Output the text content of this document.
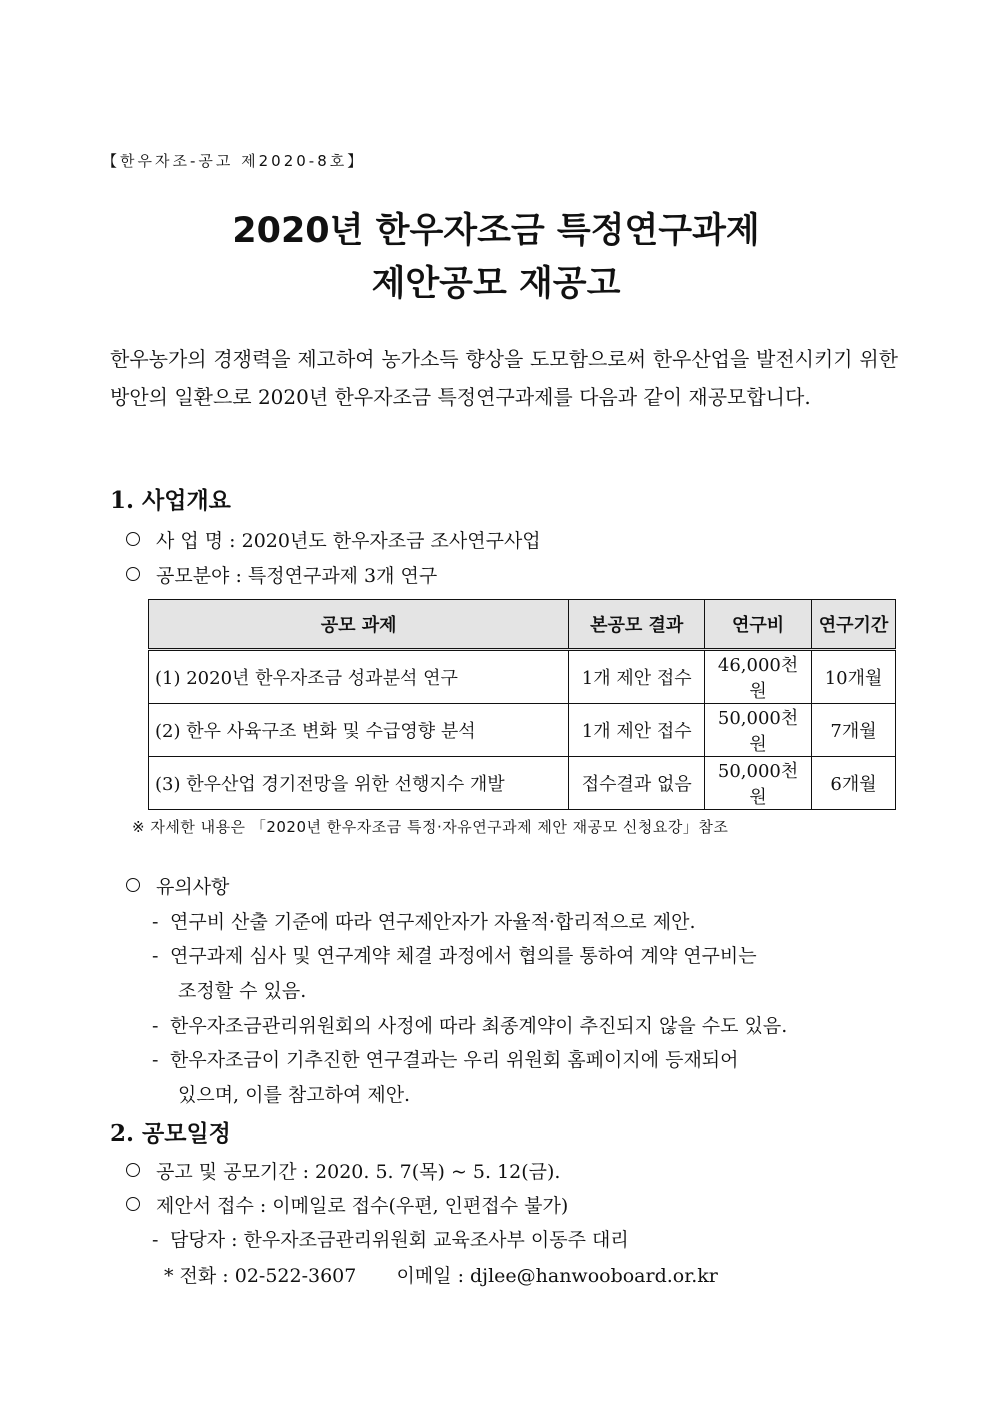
【한우자조-공고 제2020-8호】
2020년 한우자조금 특정연구과제
제안공모 재공고

한우농가의 경쟁력을 제고하여 농가소득 향상을 도모함으로써 한우산업을 발전시키기 위한 방안의 일환으로 2020년 한우자조금 특정연구과제를 다음과 같이 재공모합니다.

1. 사업개요
사 업 명 : 2020년도 한우자조금 조사연구사업
공모분야 : 특정연구과제 3개 연구
공모 과제	본공모 결과	연구비	연구기간
(1) 2020년 한우자조금 성과분석 연구	1개 제안 접수	46,000천원	10개월
(2) 한우 사육구조 변화 및 수급영향 분석	1개 제안 접수	50,000천원	7개월
(3) 한우산업 경기전망을 위한 선행지수 개발	접수결과 없음	50,000천원	6개월
※ 자세한 내용은 「2020년 한우자조금 특정·자유연구과제 제안 재공모 신청요강」참조
유의사항
- 연구비 산출 기준에 따라 연구제안자가 자율적·합리적으로 제안.
- 연구과제 심사 및 연구계약 체결 과정에서 협의를 통하여 계약 연구비는
조정할 수 있음.
- 한우자조금관리위원회의 사정에 따라 최종계약이 추진되지 않을 수도 있음.
- 한우자조금이 기추진한 연구결과는 우리 위원회 홈페이지에 등재되어
있으며, 이를 참고하여 제안.
2. 공모일정
공고 및 공모기간 : 2020. 5. 7(목) ~ 5. 12(금).
제안서 접수 : 이메일로 접수(우편, 인편접수 불가)
- 담당자 : 한우자조금관리위원회 교육조사부 이동주 대리
* 전화 : 02-522-3607 이메일 : djlee@hanwooboard.or.kr
